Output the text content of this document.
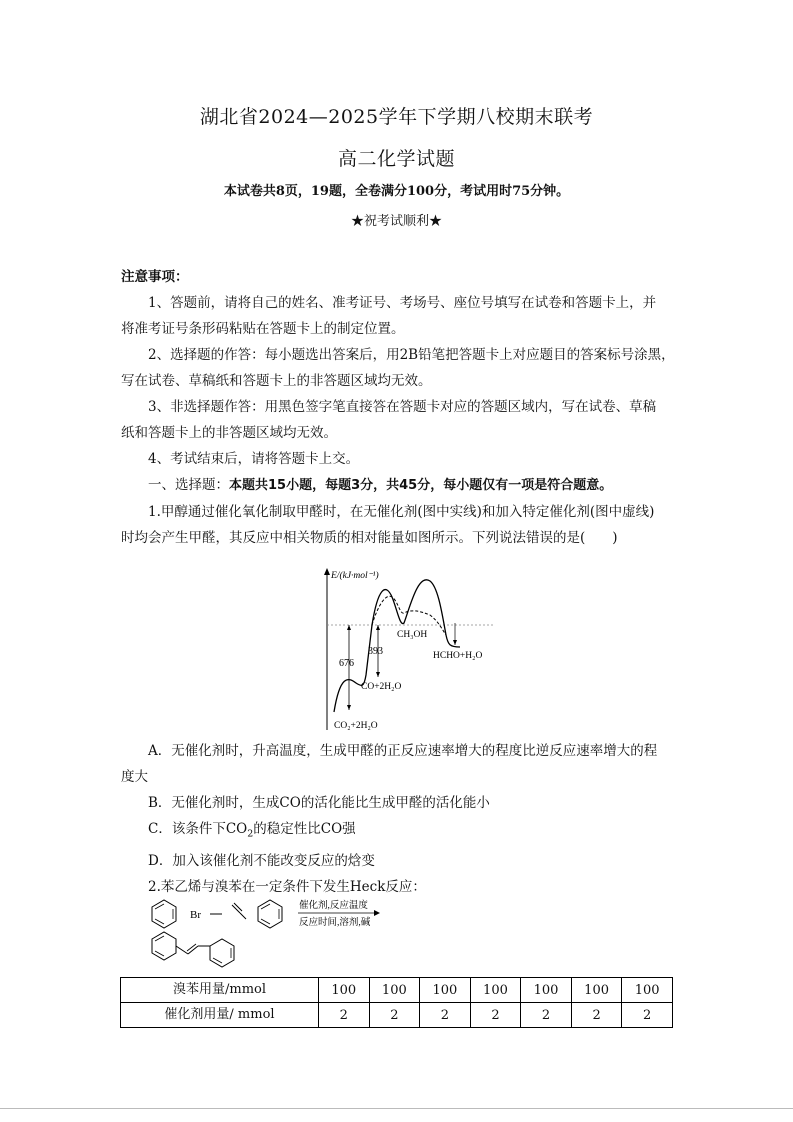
湖北省2024—2025学年下学期八校期末联考
高二化学试题
本试卷共8页，19题，全卷满分100分，考试用时75分钟。
★祝考试顺利★
注意事项：
1、答题前，请将自己的姓名、准考证号、考场号、座位号填写在试卷和答题卡上，并
将准考证号条形码粘贴在答题卡上的制定位置。
2、选择题的作答：每小题选出答案后，用2B铅笔把答题卡上对应题目的答案标号涂黑，
写在试卷、草稿纸和答题卡上的非答题区域均无效。
3、非选择题作答：用黑色签字笔直接答在答题卡对应的答题区域内，写在试卷、草稿
纸和答题卡上的非答题区域均无效。
4、考试结束后，请将答题卡上交。
一、选择题：本题共15小题，每题3分，共45分，每小题仅有一项是符合题意。
1.甲醇通过催化氧化制取甲醛时，在无催化剂(图中实线)和加入特定催化剂(图中虚线)
时均会产生甲醛，其反应中相关物质的相对能量如图所示。下列说法错误的是(　　)
E/(kJ·mol⁻¹)
676
393
CH₃OH
HCHO+H₂O
CO+2H₂O
CO₂+2H₂O
A．无催化剂时，升高温度，生成甲醛的正反应速率增大的程度比逆反应速率增大的程
度大
B．无催化剂时，生成CO的活化能比生成甲醛的活化能小
C．该条件下$CO_2$的稳定性比CO强
D．加入该催化剂不能改变反应的焓变
2.苯乙烯与溴苯在一定条件下发生Heck反应：
Br
催化剂,反应温度
反应时间,溶剂,碱
溴苯用量/mmol	100	100	100	100	100	100	100
催化剂用量/ mmol	2	2	2	2	2	2	2
